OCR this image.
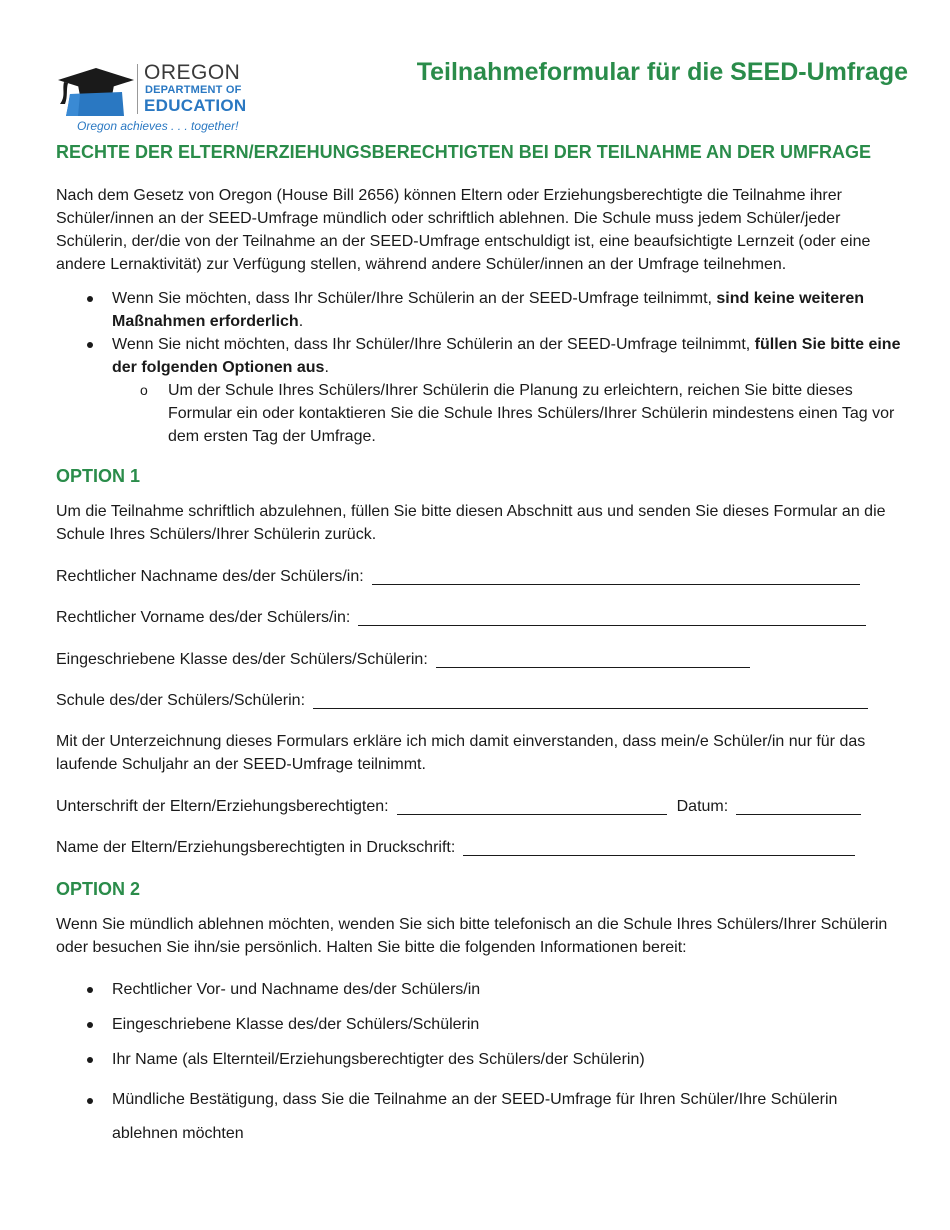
OREGON
DEPARTMENT OF
EDUCATION
Oregon achieves . . . together!
Teilnahmeformular für die SEED-Umfrage
RECHTE DER ELTERN/ERZIEHUNGSBERECHTIGTEN BEI DER TEILNAHME AN DER UMFRAGE
Nach dem Gesetz von Oregon (House Bill 2656) können Eltern oder Erziehungsberechtigte die Teilnahme ihrer Schüler/innen an der SEED-Umfrage mündlich oder schriftlich ablehnen. Die Schule muss jedem Schüler/jeder Schülerin, der/die von der Teilnahme an der SEED-Umfrage entschuldigt ist, eine beaufsichtigte Lernzeit (oder eine andere Lernaktivität) zur Verfügung stellen, während andere Schüler/innen an der Umfrage teilnehmen.
Wenn Sie möchten, dass Ihr Schüler/Ihre Schülerin an der SEED-Umfrage teilnimmt, sind keine weiteren Maßnahmen erforderlich.
Wenn Sie nicht möchten, dass Ihr Schüler/Ihre Schülerin an der SEED-Umfrage teilnimmt, füllen Sie bitte eine der folgenden Optionen aus.
o Um der Schule Ihres Schülers/Ihrer Schülerin die Planung zu erleichtern, reichen Sie bitte dieses Formular ein oder kontaktieren Sie die Schule Ihres Schülers/Ihrer Schülerin mindestens einen Tag vor dem ersten Tag der Umfrage.
OPTION 1
Um die Teilnahme schriftlich abzulehnen, füllen Sie bitte diesen Abschnitt aus und senden Sie dieses Formular an die Schule Ihres Schülers/Ihrer Schülerin zurück.
Rechtlicher Nachname des/der Schülers/in:
Rechtlicher Vorname des/der Schülers/in:
Eingeschriebene Klasse des/der Schülers/Schülerin:
Schule des/der Schülers/Schülerin:
Mit der Unterzeichnung dieses Formulars erkläre ich mich damit einverstanden, dass mein/e Schüler/in nur für das laufende Schuljahr an der SEED-Umfrage teilnimmt.
Unterschrift der Eltern/Erziehungsberechtigten:	Datum:
Name der Eltern/Erziehungsberechtigten in Druckschrift:
OPTION 2
Wenn Sie mündlich ablehnen möchten, wenden Sie sich bitte telefonisch an die Schule Ihres Schülers/Ihrer Schülerin oder besuchen Sie ihn/sie persönlich. Halten Sie bitte die folgenden Informationen bereit:
Rechtlicher Vor- und Nachname des/der Schülers/in
Eingeschriebene Klasse des/der Schülers/Schülerin
Ihr Name (als Elternteil/Erziehungsberechtigter des Schülers/der Schülerin)
Mündliche Bestätigung, dass Sie die Teilnahme an der SEED-Umfrage für Ihren Schüler/Ihre Schülerin ablehnen möchten
